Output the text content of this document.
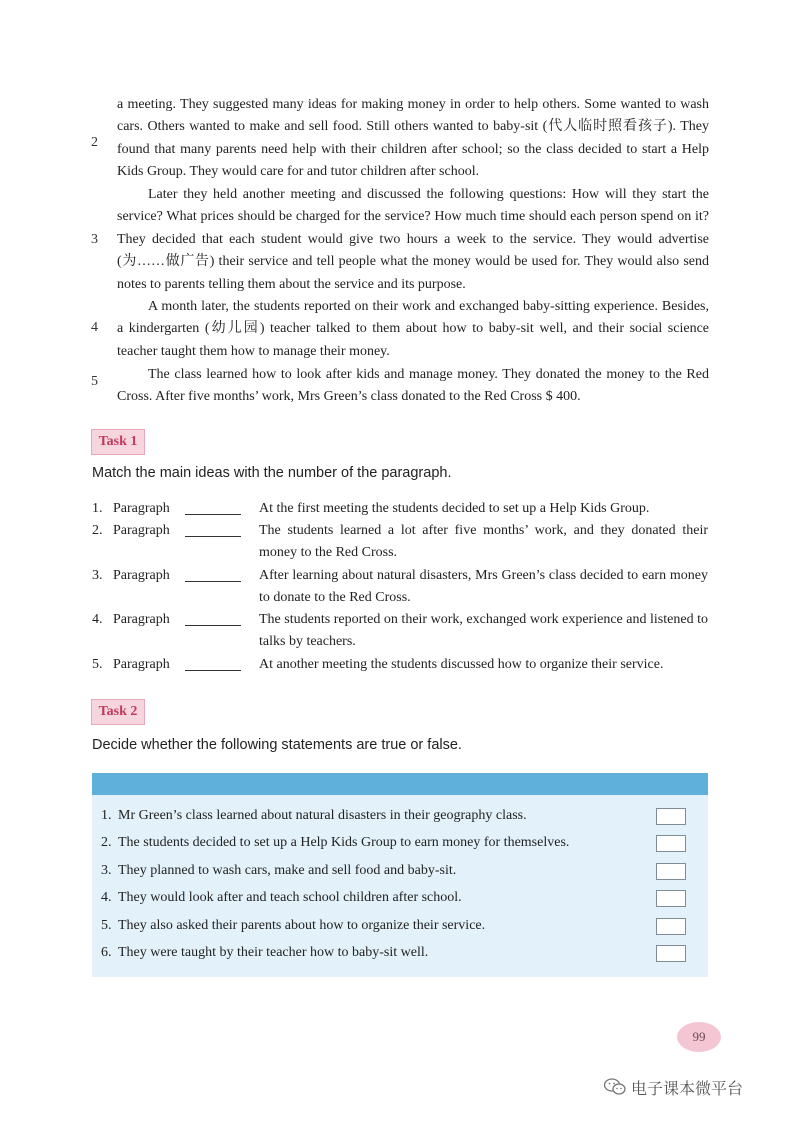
a meeting. They suggested many ideas for making money in order to help others. Some wanted to wash cars. Others wanted to make and sell food. Still others wanted to baby-sit (代人临时照看孩子). They found that many parents need help with their children after school; so the class decided to start a Help Kids Group. They would care for and tutor children after school.
2
Later they held another meeting and discussed the following questions: How will they start the service? What prices should be charged for the service? How much time should each person spend on it? They decided that each student would give two hours a week to the service. They would advertise (为……做广告) their service and tell people what the money would be used for. They would also send notes to parents telling them about the service and its purpose.
3
A month later, the students reported on their work and exchanged baby-sitting experience. Besides, a kindergarten (幼儿园) teacher talked to them about how to baby-sit well, and their social science teacher taught them how to manage their money.
4
The class learned how to look after kids and manage money. They donated the money to the Red Cross. After five months’ work, Mrs Green’s class donated to the Red Cross $ 400.
5
Task 1
Match the main ideas with the number of the paragraph.
1. Paragraph	At the first meeting the students decided to set up a Help Kids Group.
2. Paragraph	The students learned a lot after five months’ work, and they donated their money to the Red Cross.
3. Paragraph	After learning about natural disasters, Mrs Green’s class decided to earn money to donate to the Red Cross.
4. Paragraph	The students reported on their work, exchanged work experience and listened to talks by teachers.
5. Paragraph	At another meeting the students discussed how to organize their service.
Task 2
Decide whether the following statements are true or false.
1. Mr Green’s class learned about natural disasters in their geography class.
2. The students decided to set up a Help Kids Group to earn money for themselves.
3. They planned to wash cars, make and sell food and baby-sit.
4. They would look after and teach school children after school.
5. They also asked their parents about how to organize their service.
6. They were taught by their teacher how to baby-sit well.
99
电子课本微平台
